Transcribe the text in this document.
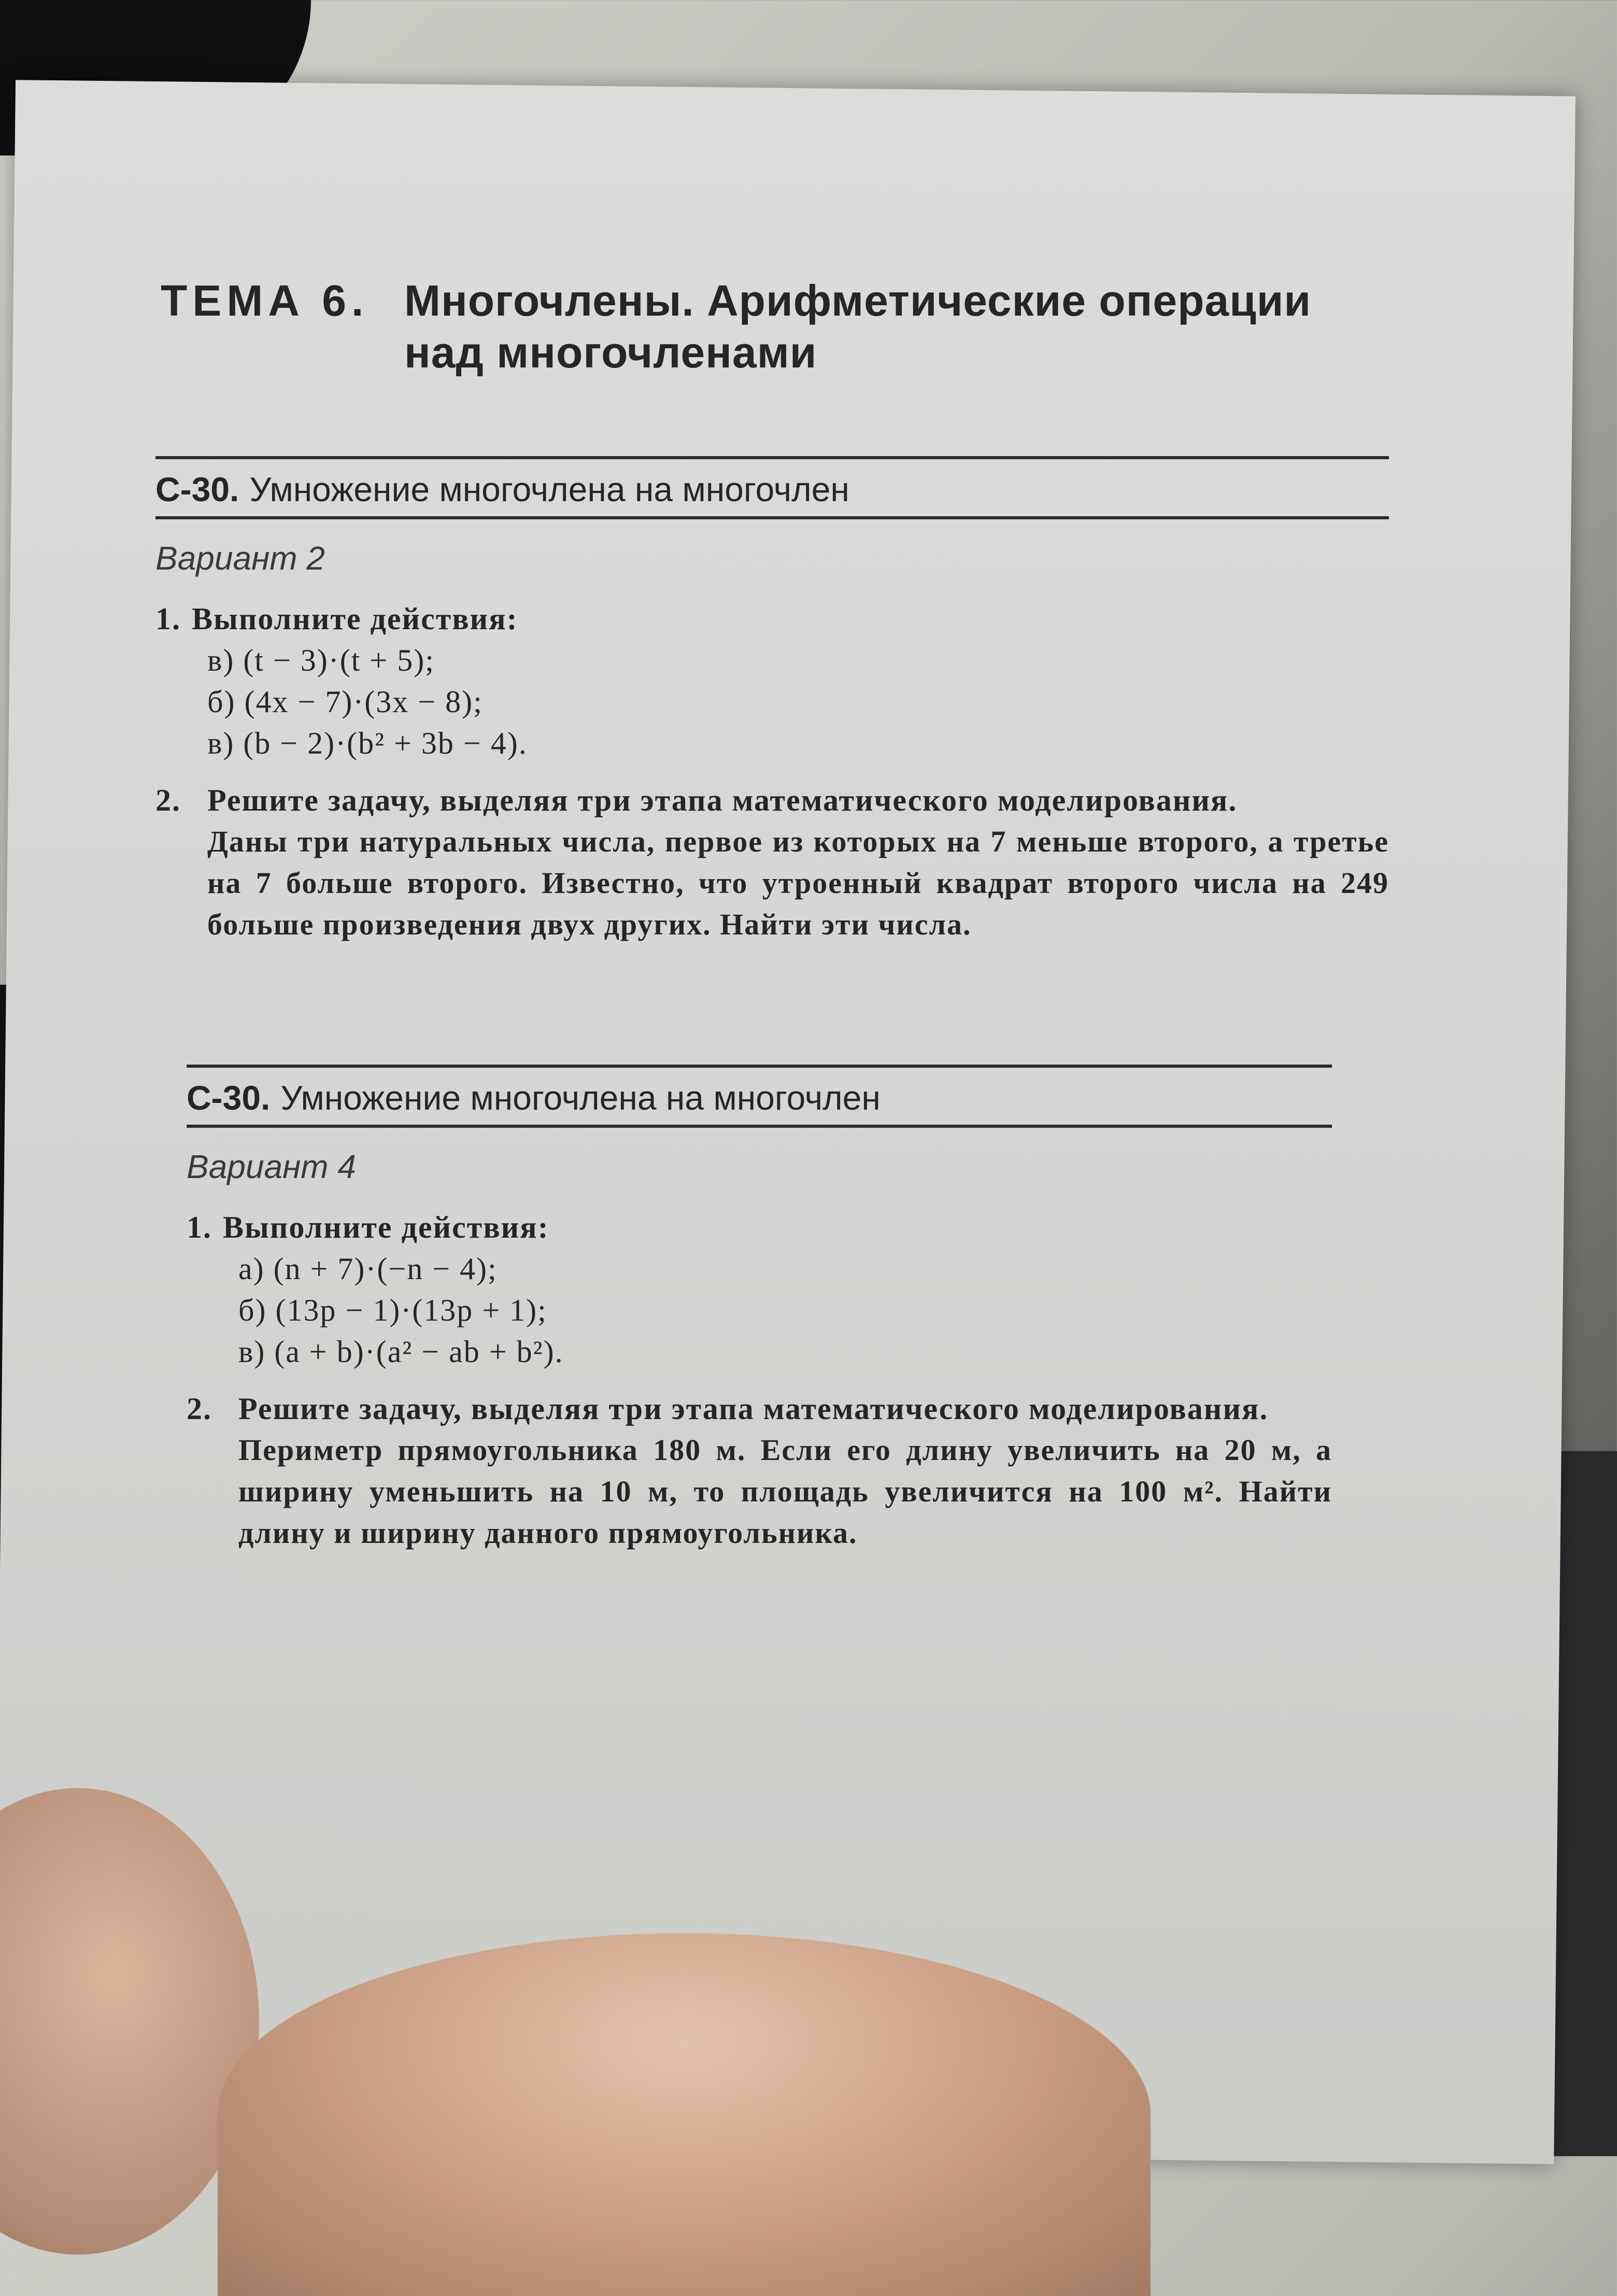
ТЕМА 6. Многочлены. Арифметические операции над многочленами
С-30. Умножение многочлена на многочлен
Вариант 2
1. Выполните действия:
в) (t − 3)·(t + 5);
б) (4x − 7)·(3x − 8);
в) (b − 2)·(b² + 3b − 4).
2. Решите задачу, выделяя три этапа математического моделирования.
Даны три натуральных числа, первое из которых на 7 меньше второго, а третье на 7 больше второго. Известно, что утроенный квадрат второго числа на 249 больше произведения двух других. Найти эти числа.
С-30. Умножение многочлена на многочлен
Вариант 4
1. Выполните действия:
а) (n + 7)·(−n − 4);
б) (13p − 1)·(13p + 1);
в) (a + b)·(a² − ab + b²).
2. Решите задачу, выделяя три этапа математического моделирования.
Периметр прямоугольника 180 м. Если его длину увеличить на 20 м, а ширину уменьшить на 10 м, то площадь увеличится на 100 м². Найти длину и ширину данного прямоугольника.
